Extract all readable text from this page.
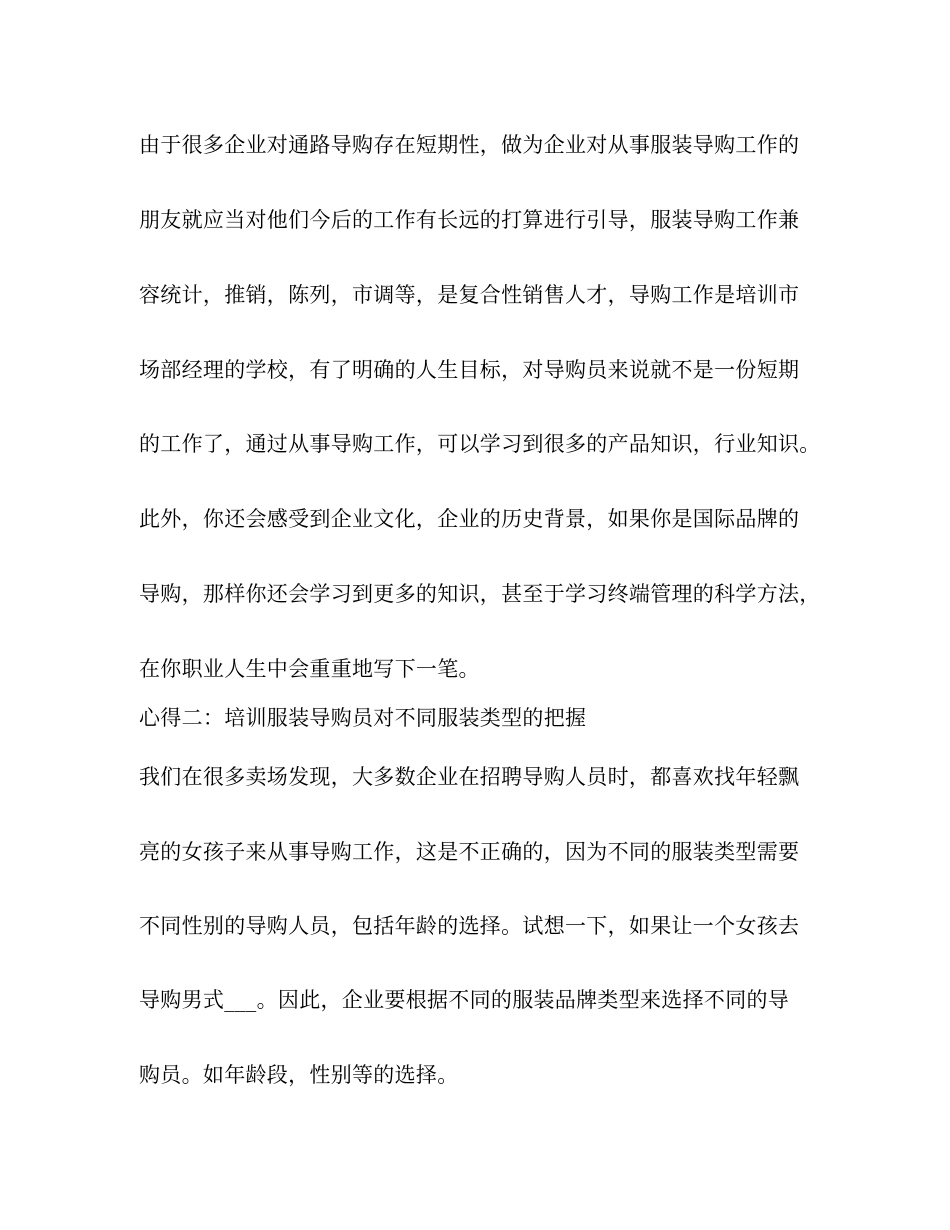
由于很多企业对通路导购存在短期性，做为企业对从事服装导购工作的
朋友就应当对他们今后的工作有长远的打算进行引导，服装导购工作兼
容统计，推销，陈列，市调等，是复合性销售人才，导购工作是培训市
场部经理的学校，有了明确的人生目标，对导购员来说就不是一份短期
的工作了，通过从事导购工作，可以学习到很多的产品知识，行业知识。
此外，你还会感受到企业文化，企业的历史背景，如果你是国际品牌的
导购，那样你还会学习到更多的知识，甚至于学习终端管理的科学方法，
在你职业人生中会重重地写下一笔。
心得二：培训服装导购员对不同服装类型的把握
我们在很多卖场发现，大多数企业在招聘导购人员时，都喜欢找年轻飘
亮的女孩子来从事导购工作，这是不正确的，因为不同的服装类型需要
不同性别的导购人员，包括年龄的选择。试想一下，如果让一个女孩去
导购男式___。因此，企业要根据不同的服装品牌类型来选择不同的导
购员。如年龄段，性别等的选择。
